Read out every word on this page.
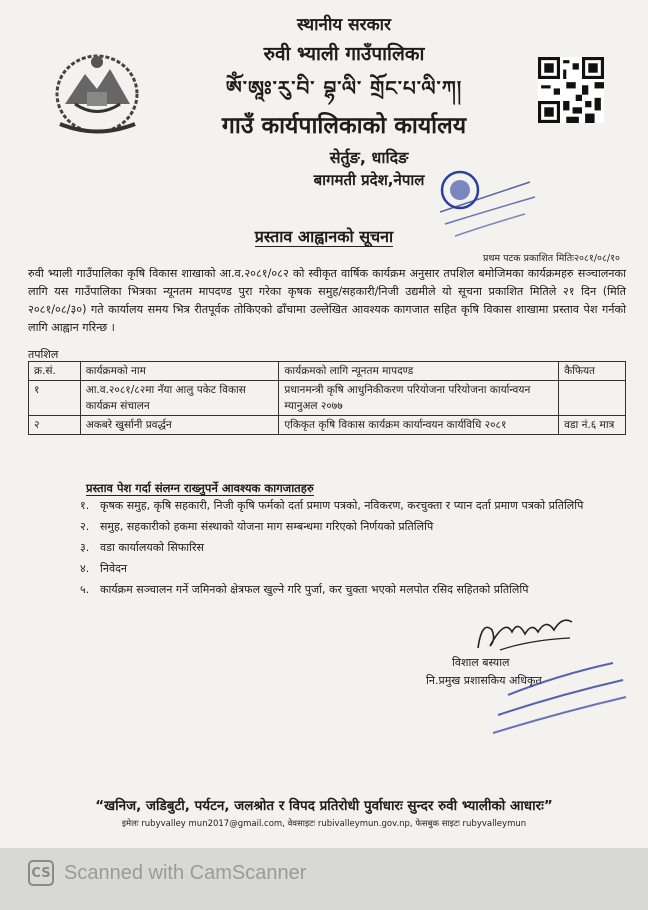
स्थानीय सरकार
रुवी भ्याली गाउँपालिका
ༀ་ཨཱཿ་རུ་བི་ བྷ་ལི་ གྲོང་པ་ལི་ཀ།
गाउँ कार्यपालिकाको कार्यालय
सेर्तुङ, धादिङ
बागमती प्रदेश,नेपाल
प्रस्ताव आह्वानको सूचना
प्रथम पटक प्रकाशित मितिः२०८१/०८/१०
रुवी भ्याली गाउँपालिका कृषि विकास शाखाको आ.व.२०८१/०८२ को स्वीकृत वार्षिक कार्यक्रम अनुसार तपशिल बमोजिमका कार्यक्रमहरु सञ्चालनका लागि यस गाउँपालिका भित्रका न्यूनतम मापदण्ड पुरा गरेका कृषक समुह/सहकारी/निजी उद्यमीले यो सूचना प्रकाशित मितिले २१ दिन (मिति २०८१/०८/३०) गते कार्यालय समय भित्र रीतपूर्वक तोकिएको ढाँचामा उल्लेखित आवश्यक कागजात सहित कृषि विकास शाखामा प्रस्ताव पेश गर्नको लागि आह्वान गरिन्छ ।
तपशिल
क्र.सं.	कार्यक्रमको नाम	कार्यक्रमको लागि न्यूनतम मापदण्ड	कैफियत
१	आ.व.२०८१/८२मा नँया आलु पकेट विकास कार्यक्रम संचालन	प्रधानमन्त्री कृषि आधुनिकीकरण परियोजना परियोजना कार्यान्वयन म्यानुअल २०७७	
२	अकबरे खुर्सानी प्रवर्द्धन	एकिकृत कृषि विकास कार्यक्रम कार्यान्वयन कार्यविधि २०८१	वडा नं.६ मात्र
प्रस्ताव पेश गर्दा संलग्न राख्नुपर्ने आवश्यक कागजातहरु
१. कृषक समुह, कृषि सहकारी, निजी कृषि फर्मको दर्ता प्रमाण पत्रको, नविकरण, करचुक्ता र प्यान दर्ता प्रमाण पत्रको प्रतिलिपि
२. समुह, सहकारीको हकमा संस्थाको योजना माग सम्बन्धमा गरिएको निर्णयको प्रतिलिपि
३. वडा कार्यालयको सिफारिस
४. निवेदन
५. कार्यक्रम सञ्चालन गर्ने जमिनको क्षेत्रफल खुल्ने गरि पुर्जा, कर चुक्ता भएको मलपोत रसिद सहितको प्रतिलिपि
विशाल बस्याल
नि.प्रमुख प्रशासकिय अधिकृत
“खनिज, जडिबुटी, पर्यटन, जलश्रोत र विपद प्रतिरोधी पुर्वाधारः सुन्दर रुवी भ्यालीको आधारः”
इमेलः rubyvalley mun2017@gmail.com, वेवसाइटः rubivalleymun.gov.np, फेसबुक साइटः rubyvalleymun
CS Scanned with CamScanner
